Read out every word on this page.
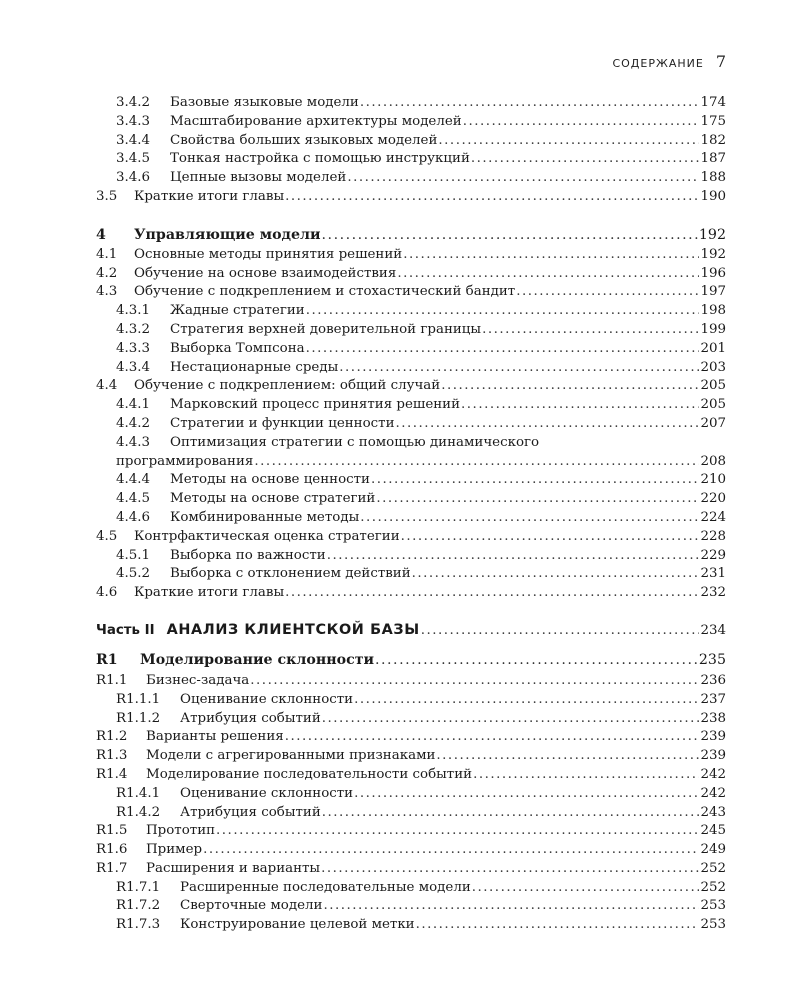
СОДЕРЖАНИЕ 7
3.4.2	Базовые языковые модели .....	174
3.4.3	Масштабирование архитектуры моделей .....	175
3.4.4	Свойства больших языковых моделей .....	182
3.4.5	Тонкая настройка с помощью инструкций .....	187
3.4.6	Цепные вызовы моделей .....	188
3.5	Краткие итоги главы .....	190
4	Управляющие модели .....	192
4.1	Основные методы принятия решений .....	192
4.2	Обучение на основе взаимодействия .....	196
4.3	Обучение с подкреплением и стохастический бандит .....	197
4.3.1	Жадные стратегии .....	198
4.3.2	Стратегия верхней доверительной границы .....	199
4.3.3	Выборка Томпсона .....	201
4.3.4	Нестационарные среды .....	203
4.4	Обучение с подкреплением: общий случай .....	205
4.4.1	Марковский процесс принятия решений .....	205
4.4.2	Стратегии и функции ценности .....	207
4.4.3	Оптимизация стратегии с помощью динамического
программирования .....	208
4.4.4	Методы на основе ценности .....	210
4.4.5	Методы на основе стратегий .....	220
4.4.6	Комбинированные методы .....	224
4.5	Контрфактическая оценка стратегии .....	228
4.5.1	Выборка по важности .....	229
4.5.2	Выборка с отклонением действий .....	231
4.6	Краткие итоги главы .....	232
Часть II АНАЛИЗ КЛИЕНТСКОЙ БАЗЫ .....	234
R1	Моделирование склонности .....	235
R1.1	Бизнес-задача .....	236
R1.1.1	Оценивание склонности .....	237
R1.1.2	Атрибуция событий .....	238
R1.2	Варианты решения .....	239
R1.3	Модели с агрегированными признаками .....	239
R1.4	Моделирование последовательности событий .....	242
R1.4.1	Оценивание склонности .....	242
R1.4.2	Атрибуция событий .....	243
R1.5	Прототип .....	245
R1.6	Пример .....	249
R1.7	Расширения и варианты .....	252
R1.7.1	Расширенные последовательные модели .....	252
R1.7.2	Сверточные модели .....	253
R1.7.3	Конструирование целевой метки .....	253
